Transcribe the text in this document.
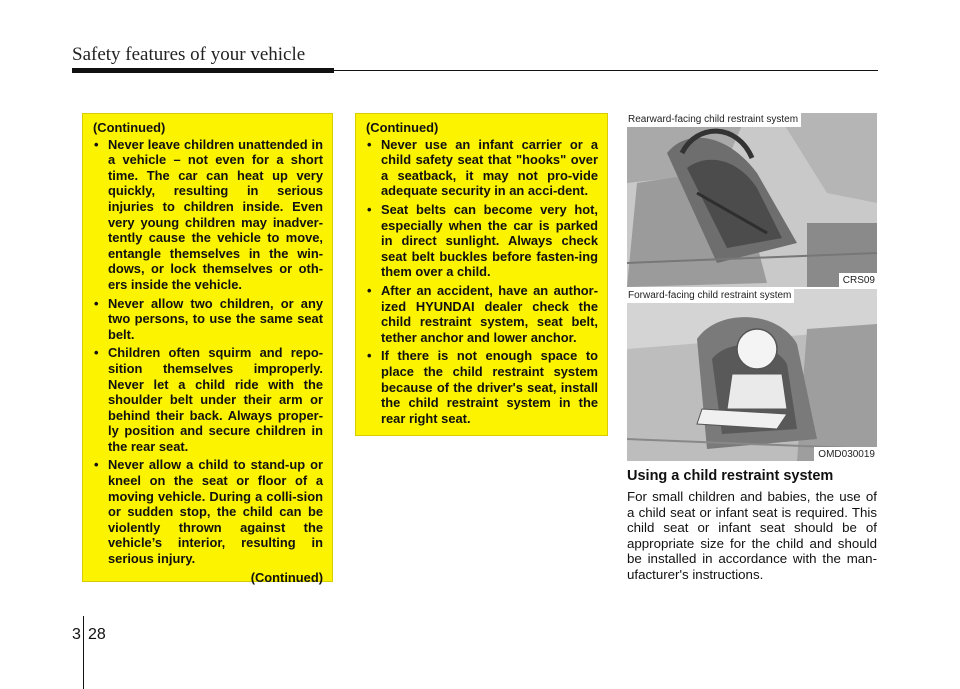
Safety features of your vehicle
(Continued)
• Never leave children unattended in a vehicle – not even for a short time. The car can heat up very quickly, resulting in serious injuries to children inside. Even very young children may inadver-tently cause the vehicle to move, entangle themselves in the win-dows, or lock themselves or oth-ers inside the vehicle.
• Never allow two children, or any two persons, to use the same seat belt.
• Children often squirm and repo-sition themselves improperly. Never let a child ride with the shoulder belt under their arm or behind their back. Always proper-ly position and secure children in the rear seat.
• Never allow a child to stand-up or kneel on the seat or floor of a moving vehicle. During a colli-sion or sudden stop, the child can be violently thrown against the vehicle’s interior, resulting in serious injury.
(Continued)
(Continued)
• Never use an infant carrier or a child safety seat that "hooks" over a seatback, it may not pro-vide adequate security in an acci-dent.
• Seat belts can become very hot, especially when the car is parked in direct sunlight. Always check seat belt buckles before fasten-ing them over a child.
• After an accident, have an author-ized HYUNDAI dealer check the child restraint system, seat belt, tether anchor and lower anchor.
• If there is not enough space to place the child restraint system because of the driver's seat, install the child restraint system in the rear right seat.
Rearward-facing child restraint system
CRS09
Forward-facing child restraint system
OMD030019
Using a child restraint system
For small children and babies, the use of a child seat or infant seat is required. This child seat or infant seat should be of appropriate size for the child and should be installed in accordance with the man-ufacturer's instructions.
3 28
